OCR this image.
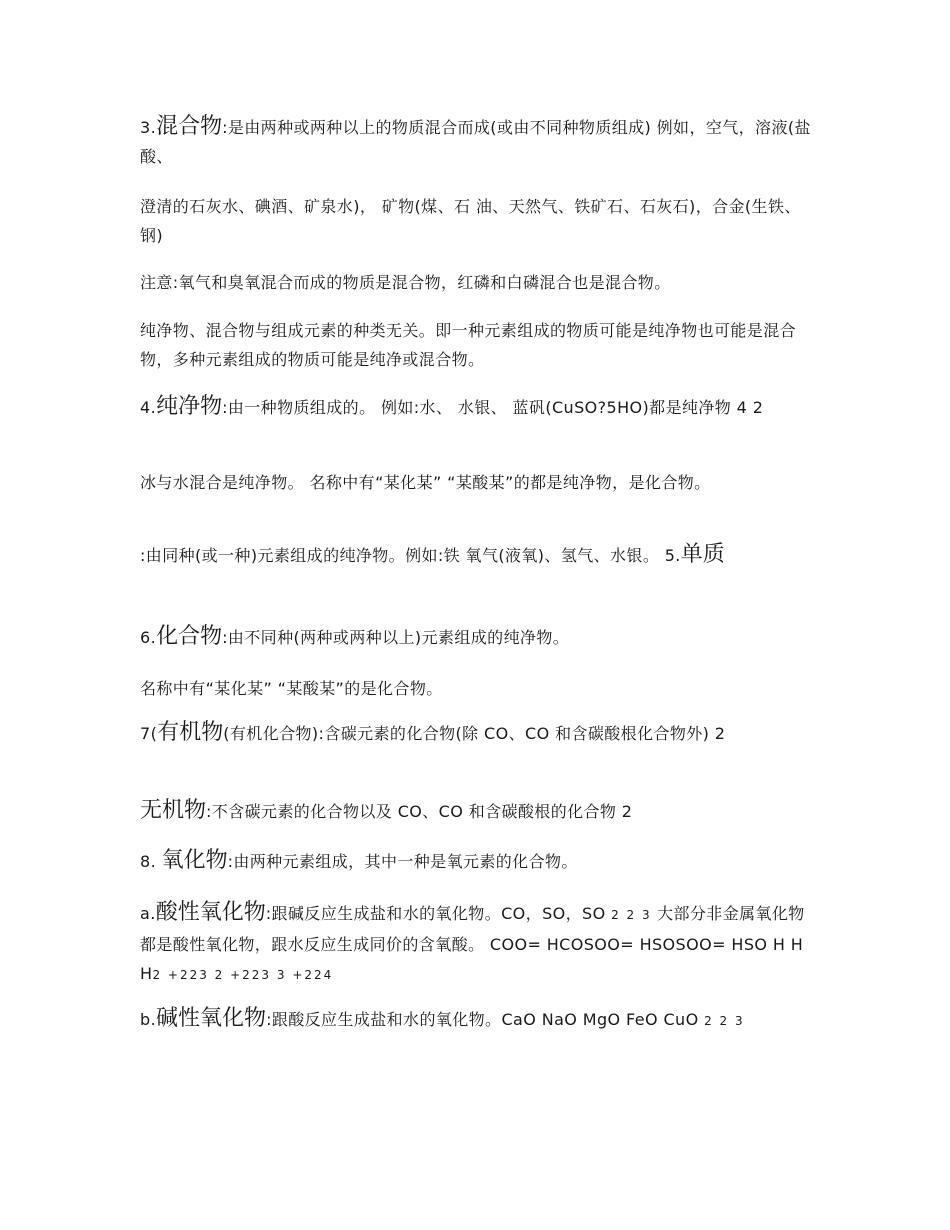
3.混合物:是由两种或两种以上的物质混合而成(或由不同种物质组成) 例如，空气，溶液(盐酸、

澄清的石灰水、碘酒、矿泉水)， 矿物(煤、石 油、天然气、铁矿石、石灰石)，合金(生铁、钢)

注意:氧气和臭氧混合而成的物质是混合物，红磷和白磷混合也是混合物。

纯净物、混合物与组成元素的种类无关。即一种元素组成的物质可能是纯净物也可能是混合物，多种元素组成的物质可能是纯净或混合物。

4.纯净物:由一种物质组成的。 例如:水、 水银、 蓝矾(CuSO?5HO)都是纯净物 4 2

冰与水混合是纯净物。 名称中有“某化某” “某酸某”的都是纯净物，是化合物。

:由同种(或一种)元素组成的纯净物。例如:铁 氧气(液氧)、氢气、水银。 5.单质

6.化合物:由不同种(两种或两种以上)元素组成的纯净物。

名称中有“某化某” “某酸某”的是化合物。

7(有机物(有机化合物):含碳元素的化合物(除 CO、CO 和含碳酸根化合物外) 2

无机物:不含碳元素的化合物以及 CO、CO 和含碳酸根的化合物 2

8. 氧化物:由两种元素组成，其中一种是氧元素的化合物。

a.酸性氧化物:跟碱反应生成盐和水的氧化物。CO，SO，SO 2 2 3 大部分非金属氧化物都是酸性氧化物，跟水反应生成同价的含氧酸。 COO= HCOSOO= HSOSOO= HSO H H H2 +223 2 +223 3 +224

b.碱性氧化物:跟酸反应生成盐和水的氧化物。CaO NaO MgO FeO CuO 2 2 3
